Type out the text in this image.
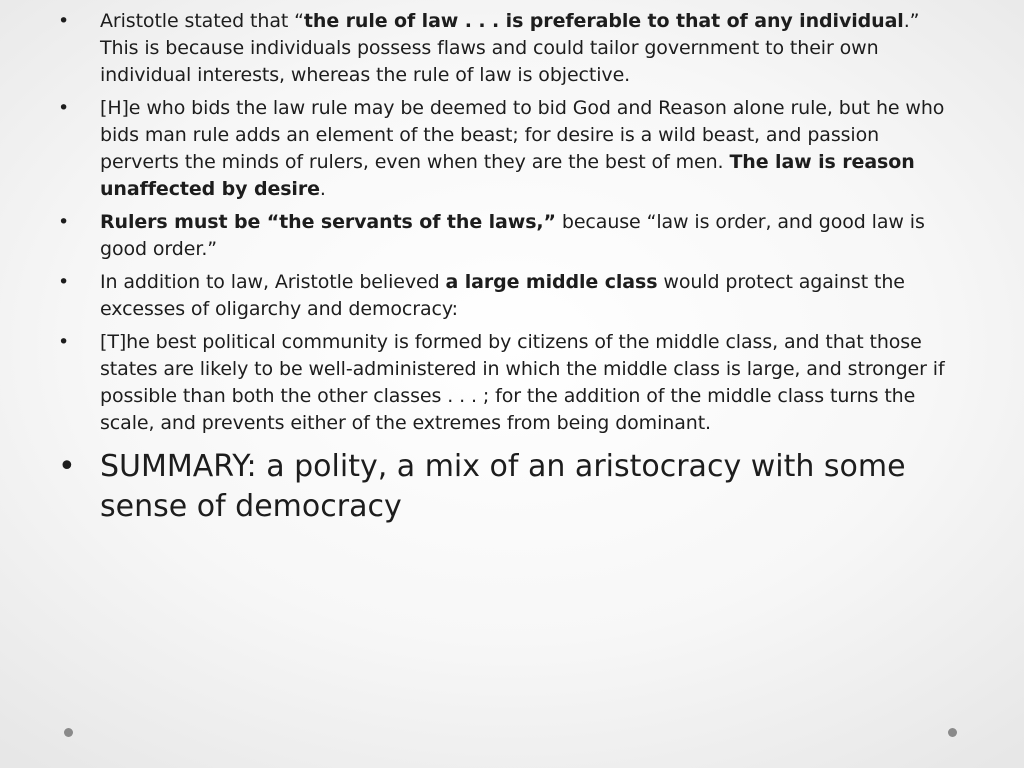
• Aristotle stated that “the rule of law . . . is preferable to that of any individual.” This is because individuals possess flaws and could tailor government to their own individual interests, whereas the rule of law is objective.
• [H]e who bids the law rule may be deemed to bid God and Reason alone rule, but he who bids man rule adds an element of the beast; for desire is a wild beast, and passion perverts the minds of rulers, even when they are the best of men. The law is reason unaffected by desire.
• Rulers must be “the servants of the laws,” because “law is order, and good law is good order.”
• In addition to law, Aristotle believed a large middle class would protect against the excesses of oligarchy and democracy:
• [T]he best political community is formed by citizens of the middle class, and that those states are likely to be well-administered in which the middle class is large, and stronger if possible than both the other classes . . . ; for the addition of the middle class turns the scale, and prevents either of the extremes from being dominant.
• SUMMARY: a polity, a mix of an aristocracy with some sense of democracy
